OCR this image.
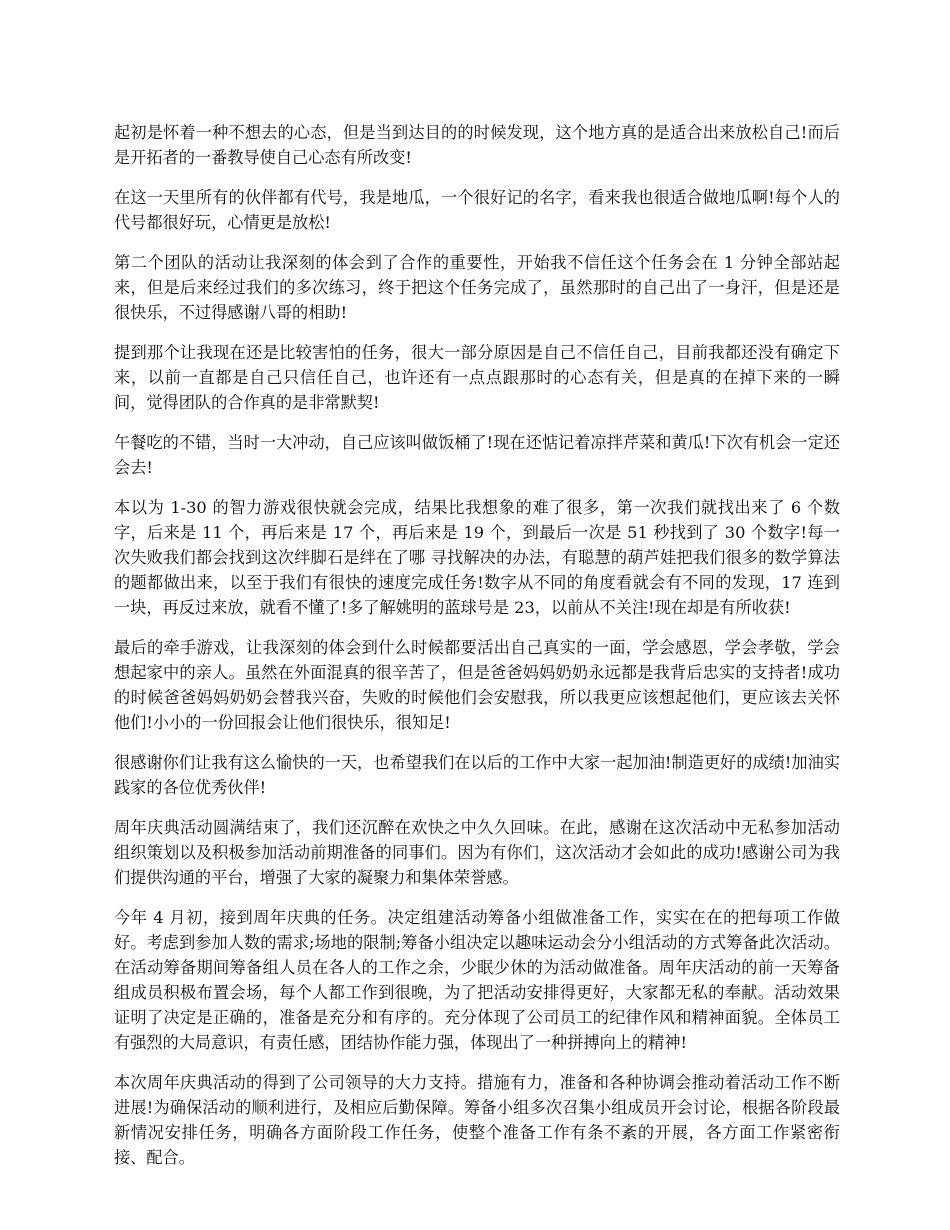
起初是怀着一种不想去的心态，但是当到达目的的时候发现，这个地方真的是适合出来放松自己!而后是开拓者的一番教导使自己心态有所改变!

在这一天里所有的伙伴都有代号，我是地瓜，一个很好记的名字，看来我也很适合做地瓜啊!每个人的代号都很好玩，心情更是放松!

第二个团队的活动让我深刻的体会到了合作的重要性，开始我不信任这个任务会在 1 分钟全部站起来，但是后来经过我们的多次练习，终于把这个任务完成了，虽然那时的自己出了一身汗，但是还是很快乐，不过得感谢八哥的相助!

提到那个让我现在还是比较害怕的任务，很大一部分原因是自己不信任自己，目前我都还没有确定下来，以前一直都是自己只信任自己，也许还有一点点跟那时的心态有关，但是真的在掉下来的一瞬间，觉得团队的合作真的是非常默契!

午餐吃的不错，当时一大冲动，自己应该叫做饭桶了!现在还惦记着凉拌芹菜和黄瓜!下次有机会一定还会去!

本以为 1-30 的智力游戏很快就会完成，结果比我想象的难了很多，第一次我们就找出来了 6 个数字，后来是 11 个，再后来是 17 个，再后来是 19 个，到最后一次是 51 秒找到了 30 个数字!每一次失败我们都会找到这次绊脚石是绊在了哪 寻找解决的办法，有聪慧的葫芦娃把我们很多的数学算法的题都做出来，以至于我们有很快的速度完成任务!数字从不同的角度看就会有不同的发现，17 连到一块，再反过来放，就看不懂了!多了解姚明的蓝球号是 23，以前从不关注!现在却是有所收获!

最后的牵手游戏，让我深刻的体会到什么时候都要活出自己真实的一面，学会感恩，学会孝敬，学会想起家中的亲人。虽然在外面混真的很辛苦了，但是爸爸妈妈奶奶永远都是我背后忠实的支持者!成功的时候爸爸妈妈奶奶会替我兴奋，失败的时候他们会安慰我，所以我更应该想起他们，更应该去关怀他们!小小的一份回报会让他们很快乐，很知足!

很感谢你们让我有这么愉快的一天，也希望我们在以后的工作中大家一起加油!制造更好的成绩!加油实践家的各位优秀伙伴!

周年庆典活动圆满结束了，我们还沉醉在欢快之中久久回味。在此，感谢在这次活动中无私参加活动组织策划以及积极参加活动前期准备的同事们。因为有你们，这次活动才会如此的成功!感谢公司为我们提供沟通的平台，增强了大家的凝聚力和集体荣誉感。

今年 4 月初，接到周年庆典的任务。决定组建活动筹备小组做准备工作，实实在在的把每项工作做好。考虑到参加人数的需求;场地的限制;筹备小组决定以趣味运动会分小组活动的方式筹备此次活动。在活动筹备期间筹备组人员在各人的工作之余，少眠少休的为活动做准备。周年庆活动的前一天筹备组成员积极布置会场，每个人都工作到很晚，为了把活动安排得更好，大家都无私的奉献。活动效果证明了决定是正确的，准备是充分和有序的。充分体现了公司员工的纪律作风和精神面貌。全体员工有强烈的大局意识，有责任感，团结协作能力强，体现出了一种拼搏向上的精神!

本次周年庆典活动的得到了公司领导的大力支持。措施有力，准备和各种协调会推动着活动工作不断进展!为确保活动的顺利进行，及相应后勤保障。筹备小组多次召集小组成员开会讨论，根据各阶段最新情况安排任务，明确各方面阶段工作任务，使整个准备工作有条不紊的开展，各方面工作紧密衔接、配合。
